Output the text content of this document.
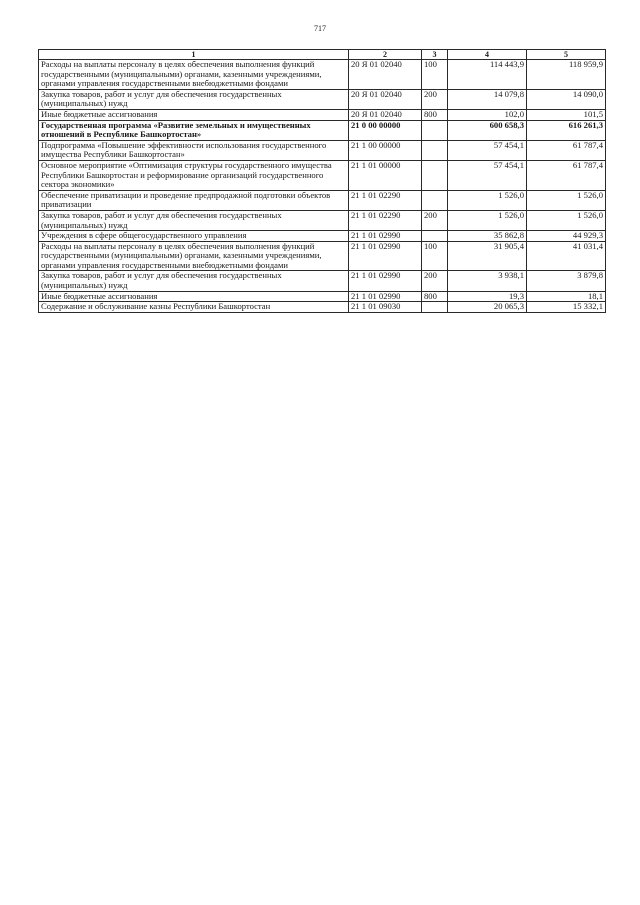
717
1	2	3	4	5
Расходы на выплаты персоналу в целях обеспечения выполнения функций государственными (муниципальными) органами, казенными учреждениями, органами управления государственными внебюджетными фондами	20 Я 01 02040	100	114 443,9	118 959,9
Закупка товаров, работ и услуг для обеспечения государственных (муниципальных) нужд	20 Я 01 02040	200	14 079,8	14 090,0
Иные бюджетные ассигнования	20 Я 01 02040	800	102,0	101,5
Государственная программа «Развитие земельных и имущественных отношений в Республике Башкортостан»	21 0 00 00000		600 658,3	616 261,3
Подпрограмма «Повышение эффективности использования государственного имущества Республики Башкортостан»	21 1 00 00000		57 454,1	61 787,4
Основное мероприятие «Оптимизация структуры государственного имущества Республики Башкортостан и реформирование организаций государственного сектора экономики»	21 1 01 00000		57 454,1	61 787,4
Обеспечение приватизации и проведение предпродажной подготовки объектов приватизации	21 1 01 02290		1 526,0	1 526,0
Закупка товаров, работ и услуг для обеспечения государственных (муниципальных) нужд	21 1 01 02290	200	1 526,0	1 526,0
Учреждения в сфере общегосударственного управления	21 1 01 02990		35 862,8	44 929,3
Расходы на выплаты персоналу в целях обеспечения выполнения функций государственными (муниципальными) органами, казенными учреждениями, органами управления государственными внебюджетными фондами	21 1 01 02990	100	31 905,4	41 031,4
Закупка товаров, работ и услуг для обеспечения государственных (муниципальных) нужд	21 1 01 02990	200	3 938,1	3 879,8
Иные бюджетные ассигнования	21 1 01 02990	800	19,3	18,1
Содержание и обслуживание казны Республики Башкортостан	21 1 01 09030		20 065,3	15 332,1
